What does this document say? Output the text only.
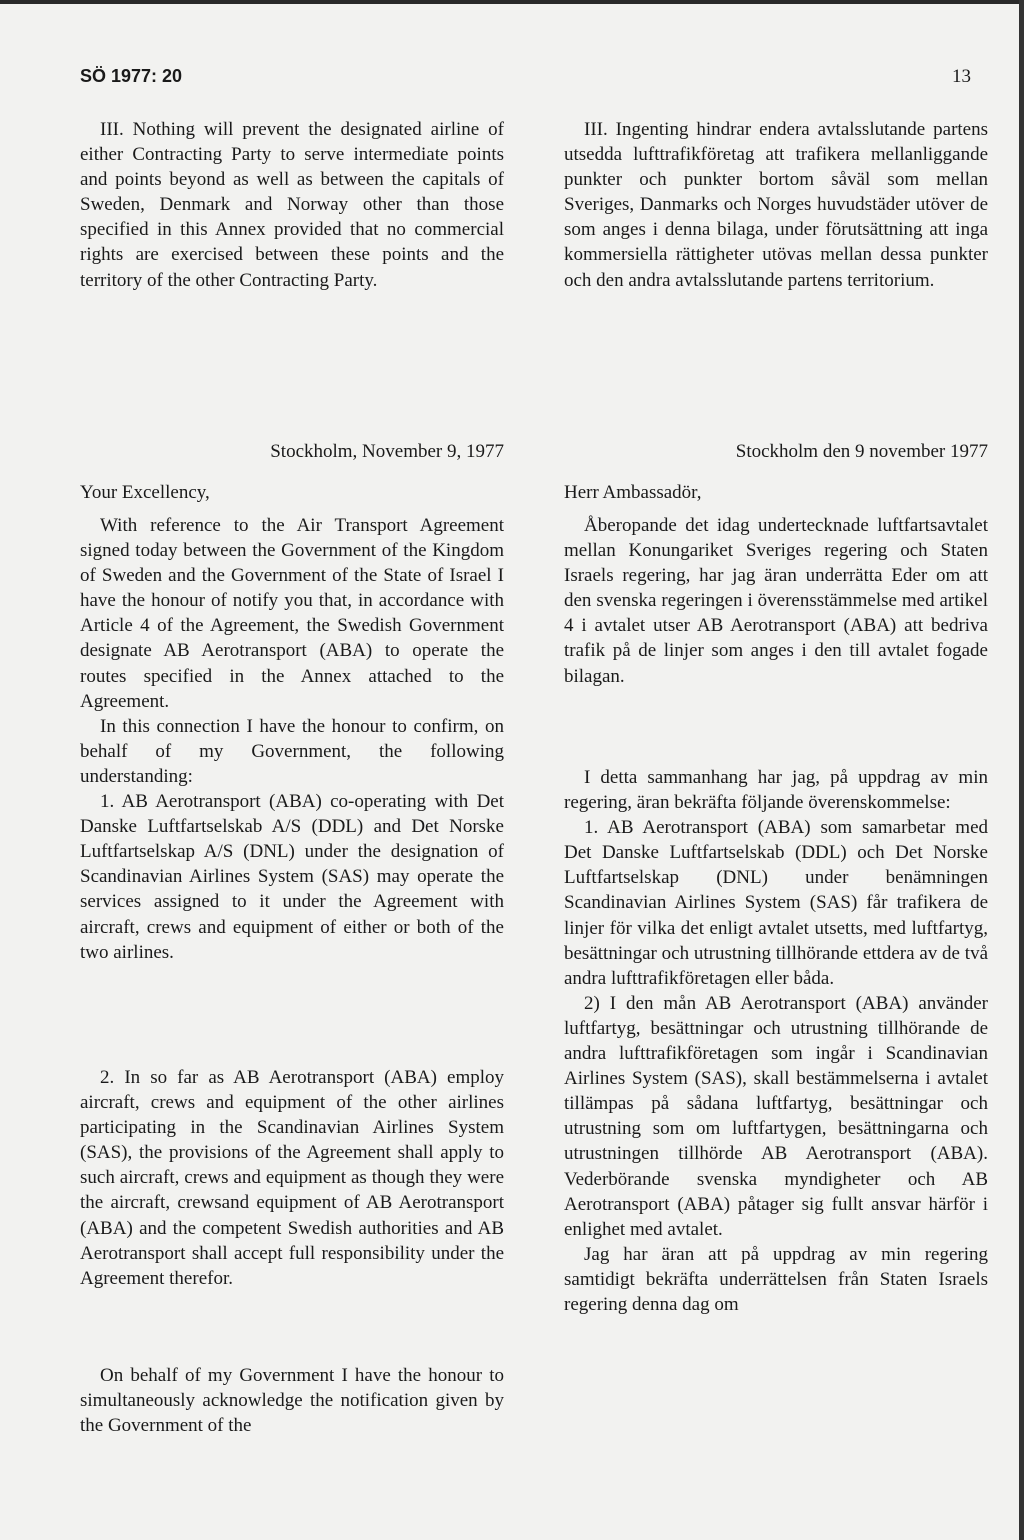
SÖ 1977: 20	13

III. Nothing will prevent the designated airline of either Contracting Party to serve intermediate points and points beyond as well as between the capitals of Sweden, Denmark and Norway other than those specified in this Annex provided that no commercial rights are exercised between these points and the territory of the other Contracting Party.

Stockholm, November 9, 1977

Your Excellency,

With reference to the Air Transport Agreement signed today between the Government of the Kingdom of Sweden and the Government of the State of Israel I have the honour of notify you that, in accordance with Article 4 of the Agreement, the Swedish Government designate AB Aerotransport (ABA) to operate the routes specified in the Annex attached to the Agreement.

In this connection I have the honour to confirm, on behalf of my Government, the following understanding:

1. AB Aerotransport (ABA) co-operating with Det Danske Luftfartselskab A/S (DDL) and Det Norske Luftfartselskap A/S (DNL) under the designation of Scandinavian Airlines System (SAS) may operate the services assigned to it under the Agreement with aircraft, crews and equipment of either or both of the two airlines.

2. In so far as AB Aerotransport (ABA) employ aircraft, crews and equipment of the other airlines participating in the Scandinavian Airlines System (SAS), the provisions of the Agreement shall apply to such aircraft, crews and equipment as though they were the aircraft, crewsand equipment of AB Aerotransport (ABA) and the competent Swedish authorities and AB Aerotransport shall accept full responsibility under the Agreement therefor.

On behalf of my Government I have the honour to simultaneously acknowledge the notification given by the Government of the

III. Ingenting hindrar endera avtalsslutande partens utsedda lufttrafikföretag att trafikera mellanliggande punkter och punkter bortom såväl som mellan Sveriges, Danmarks och Norges huvudstäder utöver de som anges i denna bilaga, under förutsättning att inga kommersiella rättigheter utövas mellan dessa punkter och den andra avtalsslutande partens territorium.

Stockholm den 9 november 1977

Herr Ambassadör,

Åberopande det idag undertecknade luftfartsavtalet mellan Konungariket Sveriges regering och Staten Israels regering, har jag äran underrätta Eder om att den svenska regeringen i överensstämmelse med artikel 4 i avtalet utser AB Aerotransport (ABA) att bedriva trafik på de linjer som anges i den till avtalet fogade bilagan.

I detta sammanhang har jag, på uppdrag av min regering, äran bekräfta följande överenskommelse:

1. AB Aerotransport (ABA) som samarbetar med Det Danske Luftfartselskab (DDL) och Det Norske Luftfartselskap (DNL) under benämningen Scandinavian Airlines System (SAS) får trafikera de linjer för vilka det enligt avtalet utsetts, med luftfartyg, besättningar och utrustning tillhörande ettdera av de två andra lufttrafikföretagen eller båda.

2) I den mån AB Aerotransport (ABA) använder luftfartyg, besättningar och utrustning tillhörande de andra lufttrafikföretagen som ingår i Scandinavian Airlines System (SAS), skall bestämmelserna i avtalet tillämpas på sådana luftfartyg, besättningar och utrustning som om luftfartygen, besättningarna och utrustningen tillhörde AB Aerotransport (ABA). Vederbörande svenska myndigheter och AB Aerotransport (ABA) påtager sig fullt ansvar härför i enlighet med avtalet.

Jag har äran att på uppdrag av min regering samtidigt bekräfta underrättelsen från Staten Israels regering denna dag om
